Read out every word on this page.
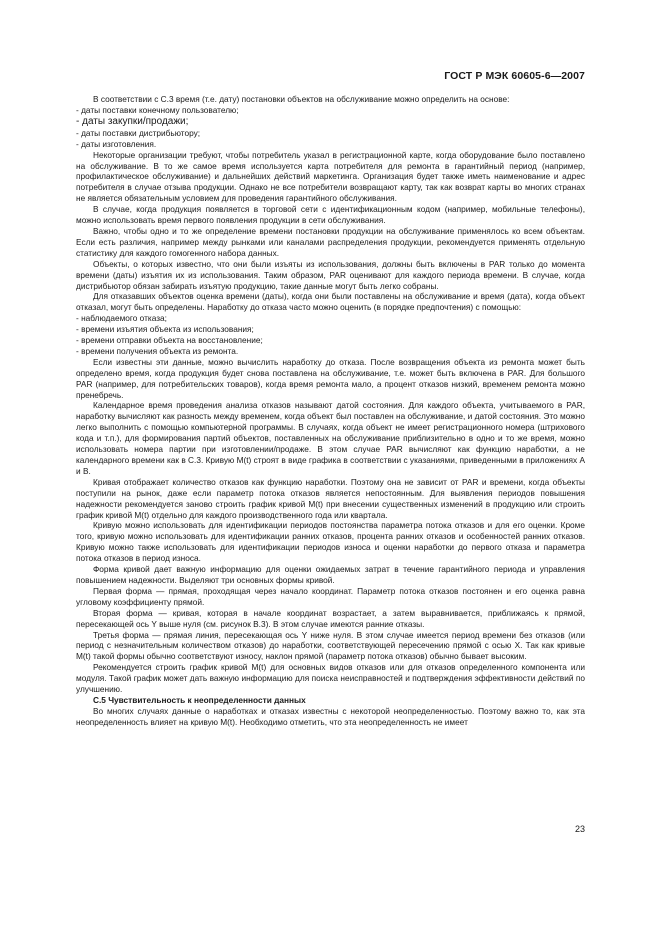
ГОСТ Р МЭК 60605-6—2007
В соответствии с С.3 время (т.е. дату) постановки объектов на обслуживание можно определить на основе:
- даты поставки конечному пользователю;
- даты закупки/продажи;
- даты поставки дистрибьютору;
- даты изготовления.
Некоторые организации требуют, чтобы потребитель указал в регистрационной карте, когда оборудование было поставлено на обслуживание. В то же самое время используется карта потребителя для ремонта в гарантийный период (например, профилактическое обслуживание) и дальнейших действий маркетинга. Организация будет также иметь наименование и адрес потребителя в случае отзыва продукции. Однако не все потребители возвращают карту, так как возврат карты во многих странах не является обязательным условием для проведения гарантийного обслуживания.
В случае, когда продукция появляется в торговой сети с идентификационным кодом (например, мобильные телефоны), можно использовать время первого появления продукции в сети обслуживания.
Важно, чтобы одно и то же определение времени постановки продукции на обслуживание применялось ко всем объектам. Если есть различия, например между рынками или каналами распределения продукции, рекомендуется применять отдельную статистику для каждого гомогенного набора данных.
Объекты, о которых известно, что они были изъяты из использования, должны быть включены в PAR только до момента времени (даты) изъятия их из использования. Таким образом, PAR оценивают для каждого периода времени. В случае, когда дистрибьютор обязан забирать изъятую продукцию, такие данные могут быть легко собраны.
Для отказавших объектов оценка времени (даты), когда они были поставлены на обслуживание и время (дата), когда объект отказал, могут быть определены. Наработку до отказа часто можно оценить (в порядке предпочтения) с помощью:
- наблюдаемого отказа;
- времени изъятия объекта из использования;
- времени отправки объекта на восстановление;
- времени получения объекта из ремонта.
Если известны эти данные, можно вычислить наработку до отказа. После возвращения объекта из ремонта может быть определено время, когда продукция будет снова поставлена на обслуживание, т.е. может быть включена в PAR. Для большого PAR (например, для потребительских товаров), когда время ремонта мало, а процент отказов низкий, временем ремонта можно пренебречь.
Календарное время проведения анализа отказов называют датой состояния. Для каждого объекта, учитываемого в PAR, наработку вычисляют как разность между временем, когда объект был поставлен на обслуживание, и датой состояния. Это можно легко выполнить с помощью компьютерной программы. В случаях, когда объект не имеет регистрационного номера (штрихового кода и т.п.), для формирования партий объектов, поставленных на обслуживание приблизительно в одно и то же время, можно использовать номера партии при изготовлении/продаже. В этом случае PAR вычисляют как функцию наработки, а не календарного времени как в С.3. Кривую M(t) строят в виде графика в соответствии с указаниями, приведенными в приложениях А и В.
Кривая отображает количество отказов как функцию наработки. Поэтому она не зависит от PAR и времени, когда объекты поступили на рынок, даже если параметр потока отказов является непостоянным. Для выявления периодов повышения надежности рекомендуется заново строить график кривой M(t) при внесении существенных изменений в продукцию или строить график кривой M(t) отдельно для каждого производственного года или квартала.
Кривую можно использовать для идентификации периодов постоянства параметра потока отказов и для его оценки. Кроме того, кривую можно использовать для идентификации ранних отказов, процента ранних отказов и особенностей ранних отказов. Кривую можно также использовать для идентификации периодов износа и оценки наработки до первого отказа и параметра потока отказов в период износа.
Форма кривой дает важную информацию для оценки ожидаемых затрат в течение гарантийного периода и управления повышением надежности. Выделяют три основных формы кривой.
Первая форма — прямая, проходящая через начало координат. Параметр потока отказов постоянен и его оценка равна угловому коэффициенту прямой.
Вторая форма — кривая, которая в начале координат возрастает, а затем выравнивается, приближаясь к прямой, пересекающей ось Y выше нуля (см. рисунок В.3). В этом случае имеются ранние отказы.
Третья форма — прямая линия, пересекающая ось Y ниже нуля. В этом случае имеется период времени без отказов (или период с незначительным количеством отказов) до наработки, соответствующей пересечению прямой с осью X. Так как кривые M(t) такой формы обычно соответствуют износу, наклон прямой (параметр потока отказов) обычно бывает высоким.
Рекомендуется строить график кривой M(t) для основных видов отказов или для отказов определенного компонента или модуля. Такой график может дать важную информацию для поиска неисправностей и подтверждения эффективности действий по улучшению.
С.5 Чувствительность к неопределенности данных
Во многих случаях данные о наработках и отказах известны с некоторой неопределенностью. Поэтому важно то, как эта неопределенность влияет на кривую M(t). Необходимо отметить, что эта неопределенность не имеет
23
